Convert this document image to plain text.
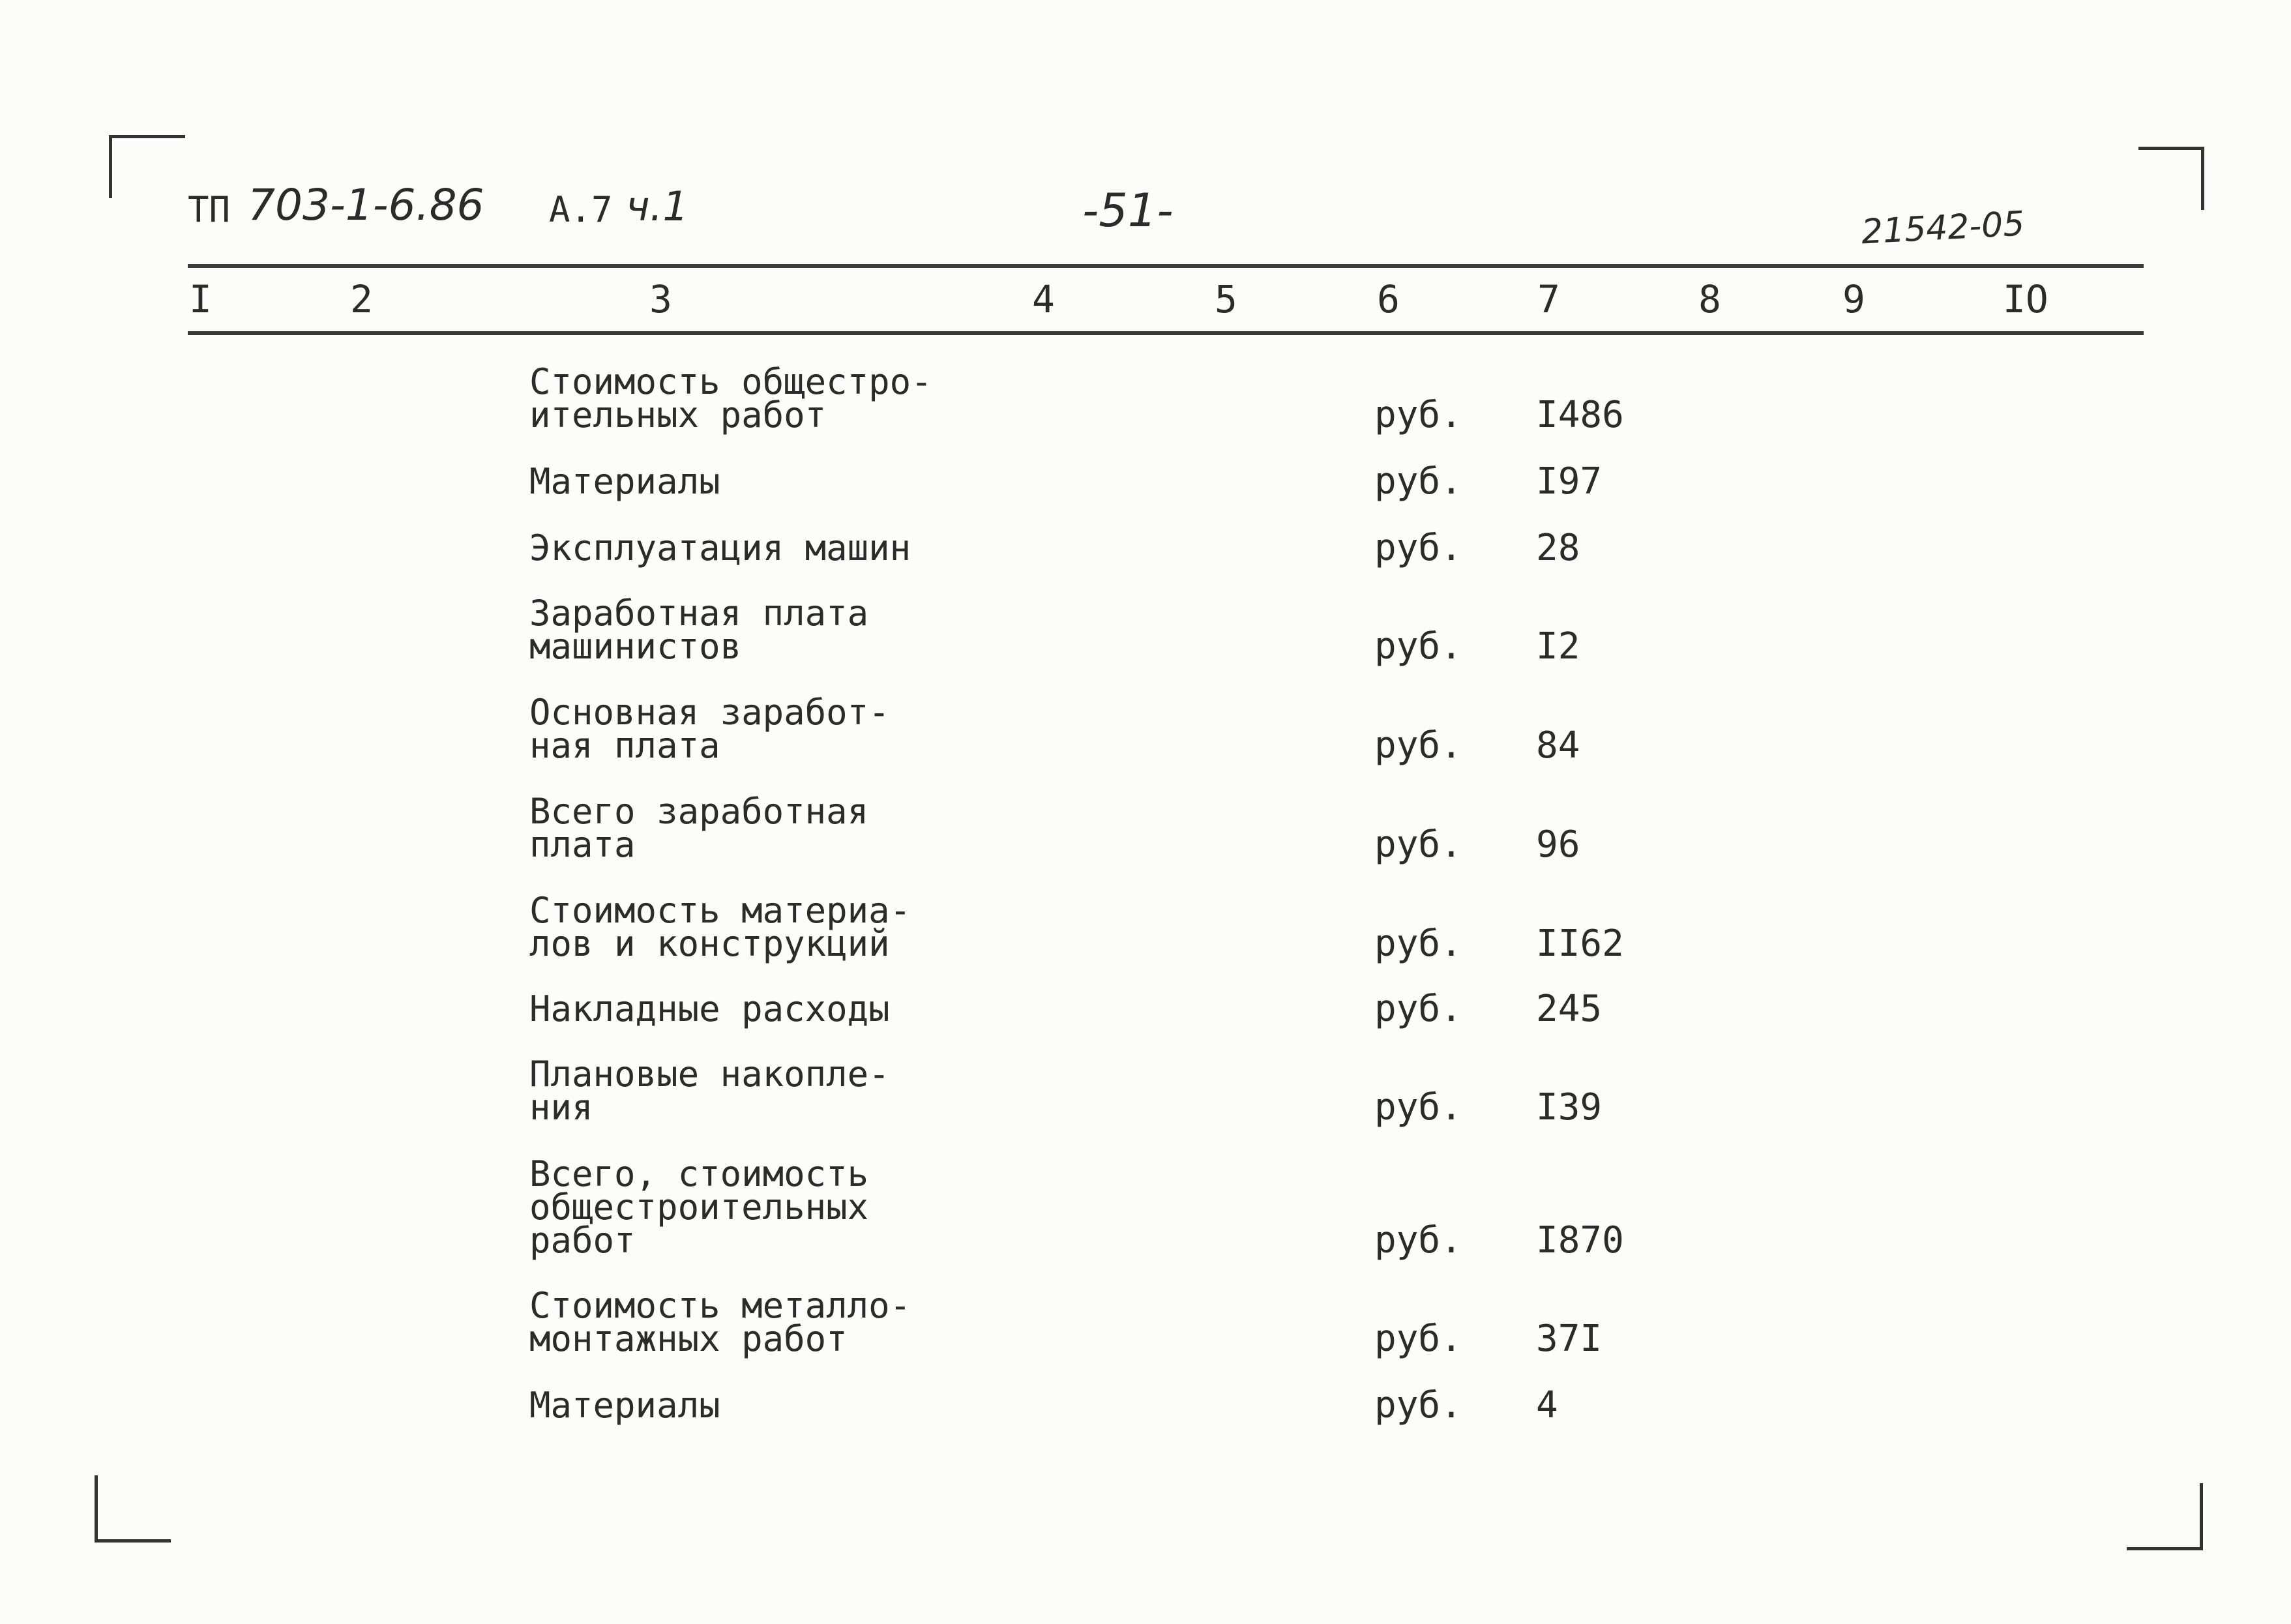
ТП 703-1-6.86 А.7 ч.1	-51-	21542-05
I	2	3	4	5	6	7	8	9	IO
Стоимость общестро-
ительных работ	руб. I486
Материалы	руб. I97
Эксплуатация машин	руб. 28
Заработная плата
машинистов	руб. I2
Основная заработ-
ная плата	руб. 84
Всего заработная
плата	руб. 96
Стоимость материа-
лов и конструкций	руб. II62
Накладные расходы	руб. 245
Плановые накопле-
ния	руб. I39
Всего, стоимость
общестроительных
работ	руб. I870
Стоимость металло-
монтажных работ	руб. 37I
Материалы	руб. 4
